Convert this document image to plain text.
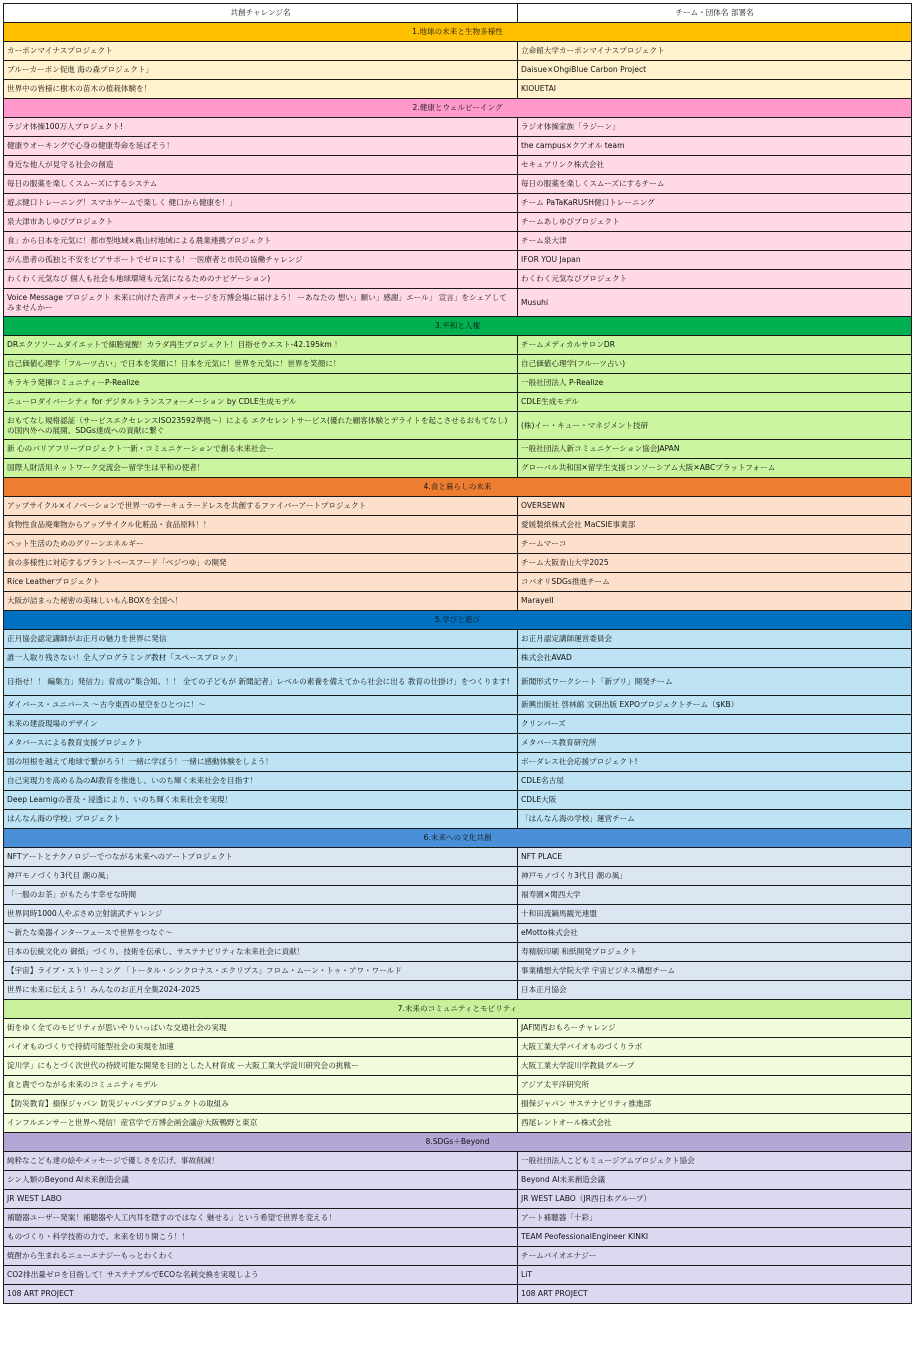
共創チャレンジ名	チーム・団体名 部署名
1.地球の未来と生物多様性	
カーボンマイナスプロジェクト	立命館大学カーボンマイナスプロジェクト
ブルーカーボン促進 海の森プロジェクト」	Daisue×OhgiBlue Carbon Project
世界中の皆様に樹木の苗木の植栽体験を！	KIOUETAI
2.健康とウェルビーイング	
ラジオ体操100万人プロジェクト!	ラジオ体操家族「ラジーン」
健康ウオーキングで心身の健康寿命を延ばそう！	the campus×クアオル team
身近な他人が見守る社会の創造	セキュアリンク株式会社
毎日の服薬を楽しくスムーズにするシステム	毎日の服薬を楽しくスムーズにするチーム
遊ぶ健口トレーニング！スマホゲームで楽しく 健口から健康を！」	チーム PaTaKaRUSH健口トレーニング
泉大津市あしゆびプロジェクト	チームあしゆびプロジェクト
食」から日本を元気に！都市型地域×農山村地域による農業連携プロジェクト	チーム泉大津
がん患者の孤独と不安をピアサポートでゼロにする！一医療者と市民の協働チャレンジ	IFOR YOU Japan
わくわく元気なび 個人も社会も地球環境も元気になるためのナビゲーション)	わくわく元気なびプロジェクト
Voice Message プロジェクト 未来に向けた音声メッセージを万博会場に届けよう！ ーあなたの 想い」願い」感謝」エール」 宣言」をシェアしてみませんかー	Musuhi
3.平和と人権	
DRエクソソームダイエットで細胞覚醒！カラダ再生プロジェクト！目指せウエスト-42.195km ！	チームメディカルサロンDR
自己価値心理学「フルーツ占い」で日本を笑顔に！日本を元気に！世界を元気に！世界を笑顔に！	自己価値心理学(フルーツ占い)
キラキラ発揮コミュニティーP-Realize	一般社団法人 P-Realize
ニューロダイバーシティ for デジタルトランスフォーメーション by CDLE生成モデル	CDLE生成モデル
おもてなし規格認証（サービスエクセレンスISO23592準拠〜）による エクセレントサービス(優れた顧客体験とデライトを起こさせるおもてなし)の国内外への展開、SDGs達成への貢献に繋ぐ	(株)イー・キュー・マネジメント技研
新 心のバリアフリープロジェクト一新・コミュニケーションで創る未来社会ー	一般社団法人新コミュニケーション協会JAPAN
国際人財活用ネットワーク交流会ー留学生は平和の使者！	グローバル共和国✕留学生支援コンソーシアム大阪✕ABCプラットフォーム
4.食と暮らしの未来	
アップサイクル×イノベーションで世界一のサーキュラードレスを共創するファイバーアートプロジェクト	OVERSEWN
食物性食品廃棄物からアップサイクル化粧品・食品原料！！	愛媛製紙株式会社 MaCSIE事業部
ペット生活のためのグリーンエネルギー	チームマーコ
食の多様性に対応するプラントベースフード「べジつゆ」の開発	チーム大阪青山大学2025
Rice Leatherプロジェクト	コバオリSDGs推進チーム
大阪が詰まった秘密の美味しいもんBOXを全国へ！	MarayeII
5.学びと遊び	
正月協会認定講師がお正月の魅力を世界に発信	お正月認定講師運営委員会
誰一人取り残さない！全人プログラミング教材「スペースブロック」	株式会社AVAD
目指せ！！ 編集力」発信力」育成の“集合知。！！ 全ての子どもが 新聞記者」レベルの素養を備えてから社会に出る 教育の仕掛け」をつくります!	新聞形式ワークシート「新プリ」開発チーム
ダイバース・ユニバース 〜古今東西の星空をひとつに！〜	新興出版社 啓林館 文研出版 EXPOプロジェクトチーム（$KB）
未来の建設現場のデザイン	クリンバーズ
メタバースによる教育支援プロジェクト	メタバース教育研究所
国の垣根を越えて地球で繋がろう！一緒に学ぼう！一緒に感動体験をしよう！	ボーダレス社会応援プロジェクト!
自己実現力を高める為のAI教育を推進し、いのち輝く未来社会を目指す！	CDLE名古屋
Deep Learnigの普及・浸透により、いのち輝く未来社会を実現！	CDLE大阪
はんなん海の学校」プロジェクト	「はんなん海の学校」運営チーム
6.未来への文化共創	
NFTアートとテクノロジーでつながる未来へのアートプロジェクト	NFT PLACE
神戸モノづくり3代目 潮の風」	神戸モノづくり3代目 潮の風」
「一服のお茶」がもたらす幸せな時間	福寿園×関西大学
世界同時1000人やぶさめ立射演武チャレンジ	十和田流鏑馬観光連盟
〜新たな楽器インターフェースで世界をつなぐ〜	eMotto株式会社
日本の伝統文化の 御紙」づくり。技術を伝承し、サステナビリティな未来社会に貢献！	寿精版印刷 和紙開発プロジェクト
【宇宙】ライブ・ストリーミング 「トータル・シンクロナス・エクリプス」フロム・ムーン・トゥ・アワ・ワールド	事業構想大学院大学 宇宙ビジネス構想チーム
世界に未来に伝えよう！みんなのお正月全集2024-2025	日本正月協会
7.未来のコミュニティとモビリティ	
街をゆく全てのモビリティが思いやりいっぱいな交通社会の実現	JAF関西おもろーチャレンジ
バイオものづくりで持続可能型社会の実現を加速	大阪工業大学バイオものづくりラボ
淀川学」にもとづく次世代の持続可能な開発を目的とした人材育成 ー大阪工業大学淀川研究会の挑戦ー	大阪工業大学淀川学教員グループ
食と農でつながる未来のコミュニティモデル	アジア太平洋研究所
【防災教育】損保ジャパン 防災ジャパンダプロジェクトの取組み	損保ジャパン サステナビリティ推進部
インフルエンサーと世界へ発信！産官学で万博企画会議＠大阪鴨野と東京	西尾レントオール株式会社
8.SDGs＋Beyond	
純粋なこども達の絵やメッセージで優しさを広げ、事故削減！	一般社団法人こどもミュージアムプロジェクト協会
シン人類のBeyond AI未来創造会議	Beyond AI未来創造会議
JR WEST LABO	JR WEST LABO（JR西日本グループ）
補聴器ユーザー発案！補聴器や人工内耳を隠すのではなく 魅せる」という希望で世界を変える！	アート補聴器「十彩」
ものづくり・科学技術の力で、未来を切り開こう！！	TEAM PeofessionalEngineer KINKI
焼酎から生まれるニューエナジーもっとわくわく	チームバイオエナジー
CO2排出量ゼロを目指して！サステナブルでECOな名刺交換を実現しよう	LiT
108 ART PROJECT	108 ART PROJECT
